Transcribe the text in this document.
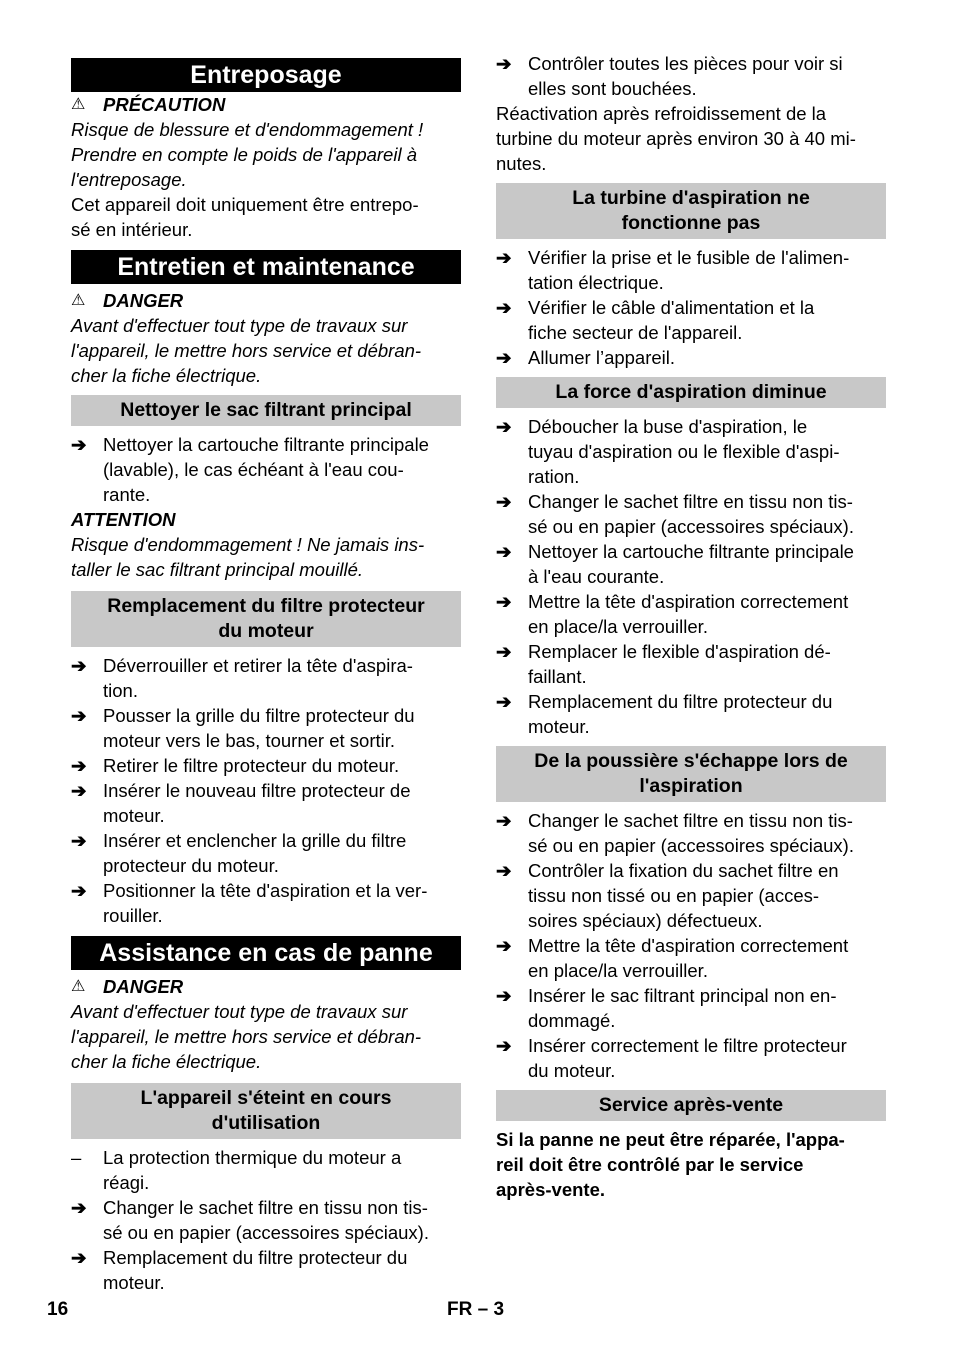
Entreposage
⚠ PRÉCAUTION

Risque de blessure et d'endommagement !
Prendre en compte le poids de l'appareil à
l'entreposage.

Cet appareil doit uniquement être entrepo-
sé en intérieur.

Entretien et maintenance
⚠ DANGER

Avant d'effectuer tout type de travaux sur
l'appareil, le mettre hors service et débran-
cher la fiche électrique.

Nettoyer le sac filtrant principal
➔ Nettoyer la cartouche filtrante principale
(lavable), le cas échéant à l'eau cou-
rante.
ATTENTION

Risque d'endommagement ! Ne jamais ins-
taller le sac filtrant principal mouillé.

Remplacement du filtre protecteur
du moteur
➔ Déverrouiller et retirer la tête d'aspira-
tion.
➔ Pousser la grille du filtre protecteur du
moteur vers le bas, tourner et sortir.
➔ Retirer le filtre protecteur du moteur.
➔ Insérer le nouveau filtre protecteur de
moteur.
➔ Insérer et enclencher la grille du filtre
protecteur du moteur.
➔ Positionner la tête d'aspiration et la ver-
rouiller.
Assistance en cas de panne
⚠ DANGER

Avant d'effectuer tout type de travaux sur
l'appareil, le mettre hors service et débran-
cher la fiche électrique.

L'appareil s'éteint en cours
d'utilisation
–	La protection thermique du moteur a
réagi.
➔ Changer le sachet filtre en tissu non tis-
sé ou en papier (accessoires spéciaux).
➔ Remplacement du filtre protecteur du
moteur.
➔ Contrôler toutes les pièces pour voir si
elles sont bouchées.

Réactivation après refroidissement de la
turbine du moteur après environ 30 à 40 mi-
nutes.

La turbine d'aspiration ne
fonctionne pas
➔ Vérifier la prise et le fusible de l'alimen-
tation électrique.
➔ Vérifier le câble d'alimentation et la
fiche secteur de l'appareil.
➔ Allumer l’appareil.
La force d'aspiration diminue
➔ Déboucher la buse d'aspiration, le
tuyau d'aspiration ou le flexible d'aspi-
ration.
➔ Changer le sachet filtre en tissu non tis-
sé ou en papier (accessoires spéciaux).
➔ Nettoyer la cartouche filtrante principale
à l'eau courante.
➔ Mettre la tête d'aspiration correctement
en place/la verrouiller.
➔ Remplacer le flexible d'aspiration dé-
faillant.
➔ Remplacement du filtre protecteur du
moteur.
De la poussière s'échappe lors de
l'aspiration
➔ Changer le sachet filtre en tissu non tis-
sé ou en papier (accessoires spéciaux).
➔ Contrôler la fixation du sachet filtre en
tissu non tissé ou en papier (acces-
soires spéciaux) défectueux.
➔ Mettre la tête d'aspiration correctement
en place/la verrouiller.
➔ Insérer le sac filtrant principal non en-
dommagé.
➔ Insérer correctement le filtre protecteur
du moteur.
Service après-vente

Si la panne ne peut être réparée, l'appa-
reil doit être contrôlé par le service
après-vente.

16	FR – 3
